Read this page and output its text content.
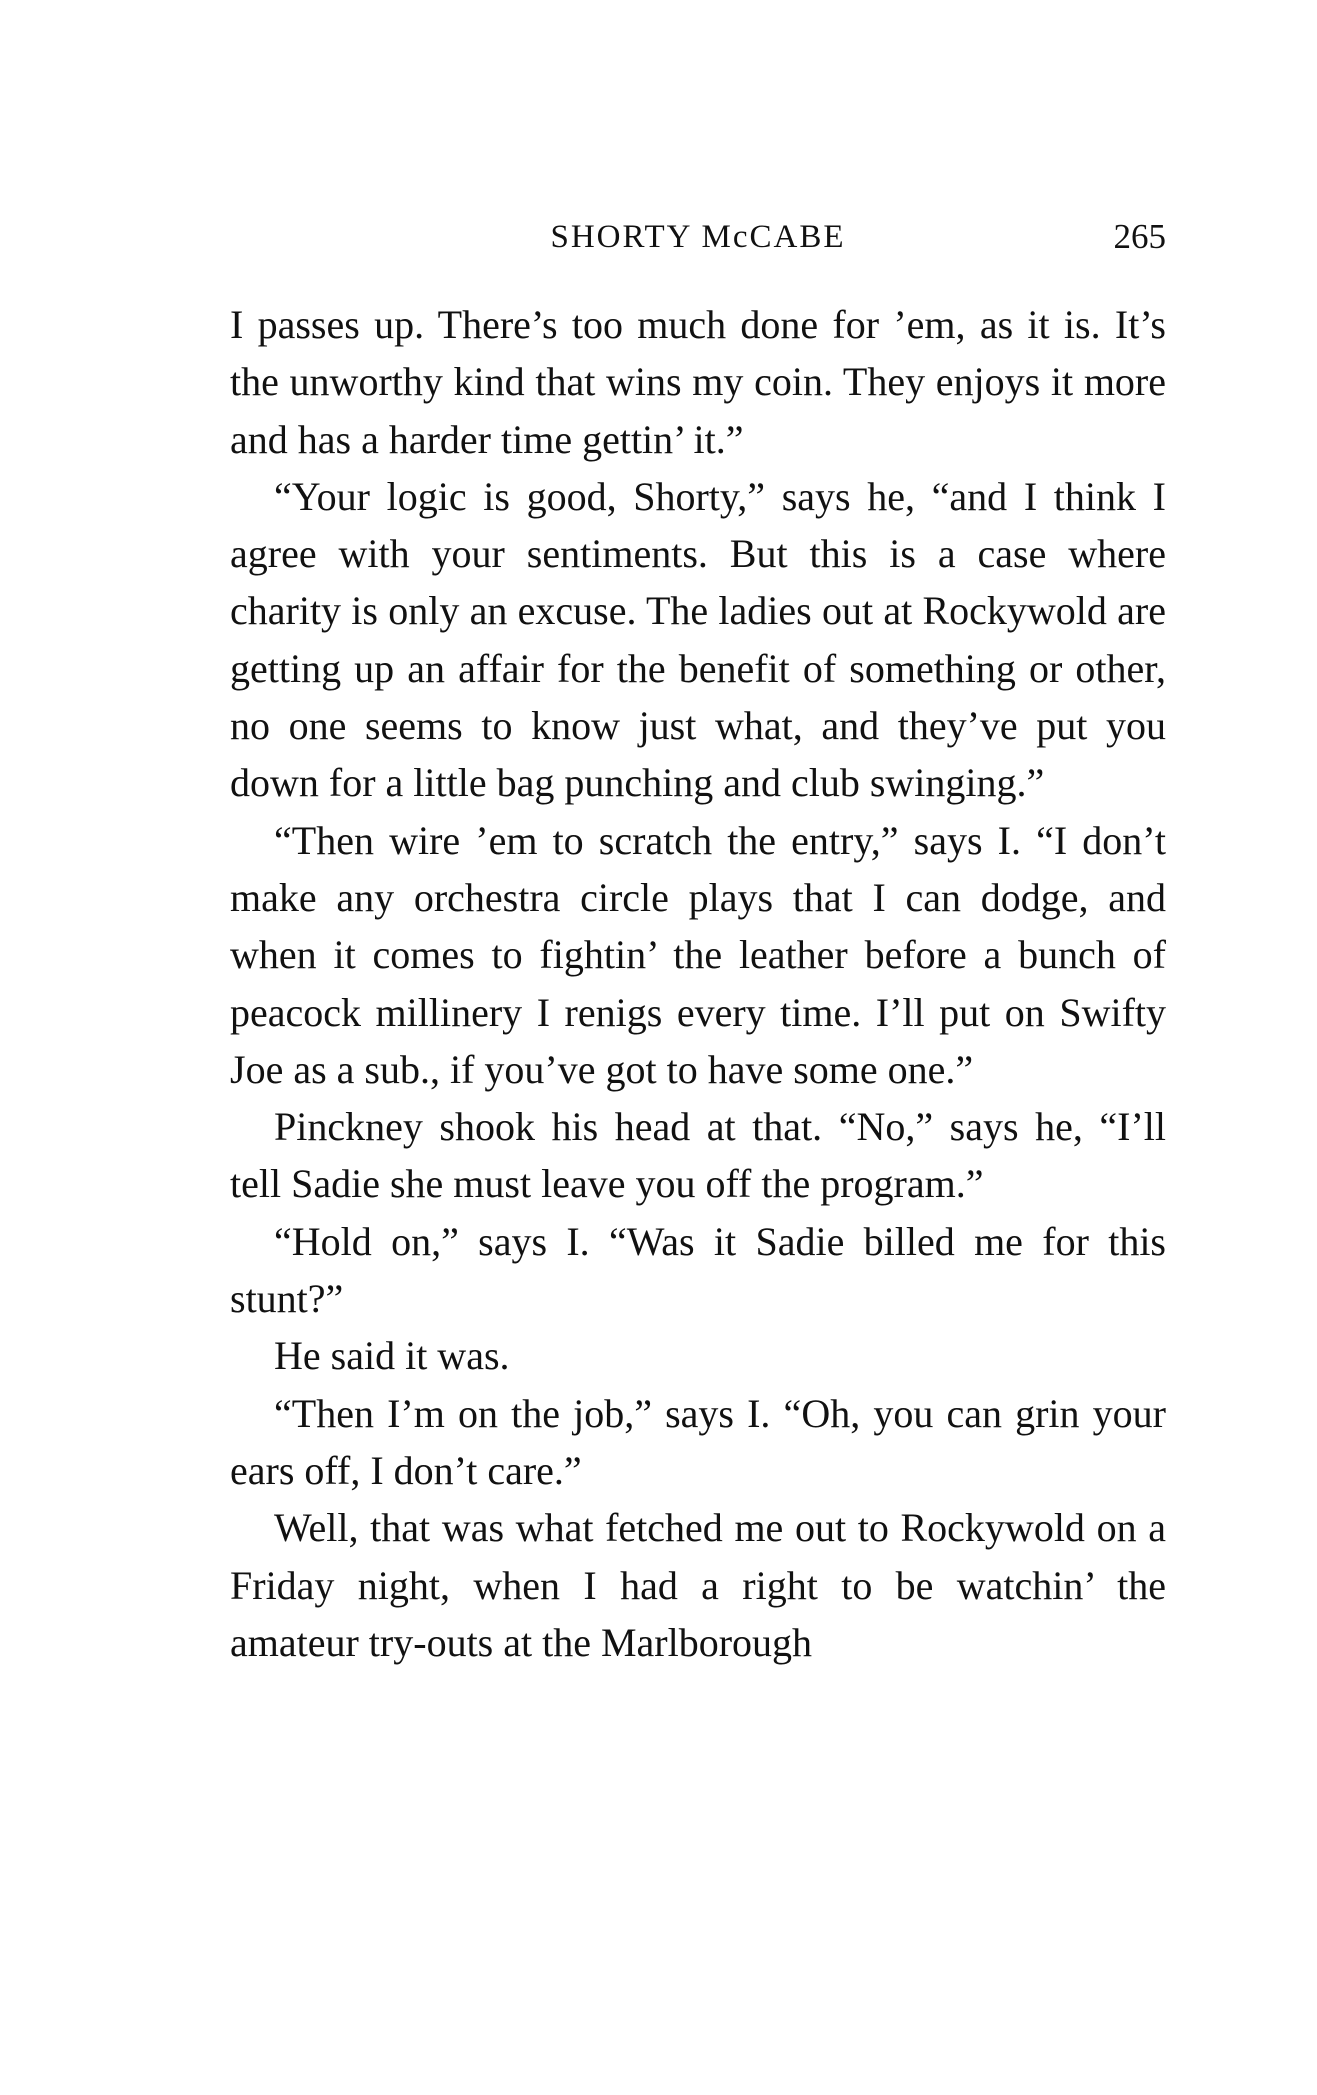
SHORTY McCABE	265

I passes up. There’s too much done for ’em, as it is. It’s the unworthy kind that wins my coin. They enjoys it more and has a harder time gettin’ it.”

“Your logic is good, Shorty,” says he, “and I think I agree with your sentiments. But this is a case where charity is only an excuse. The ladies out at Rockywold are getting up an affair for the benefit of something or other, no one seems to know just what, and they’ve put you down for a little bag punching and club swinging.”

“Then wire ’em to scratch the entry,” says I. “I don’t make any orchestra circle plays that I can dodge, and when it comes to fightin’ the leather before a bunch of peacock millinery I renigs every time. I’ll put on Swifty Joe as a sub., if you’ve got to have some one.”

Pinckney shook his head at that. “No,” says he, “I’ll tell Sadie she must leave you off the program.”

“Hold on,” says I. “Was it Sadie billed me for this stunt?”

He said it was.

“Then I’m on the job,” says I. “Oh, you can grin your ears off, I don’t care.”

Well, that was what fetched me out to Rockywold on a Friday night, when I had a right to be watchin’ the amateur try-outs at the Marlborough
